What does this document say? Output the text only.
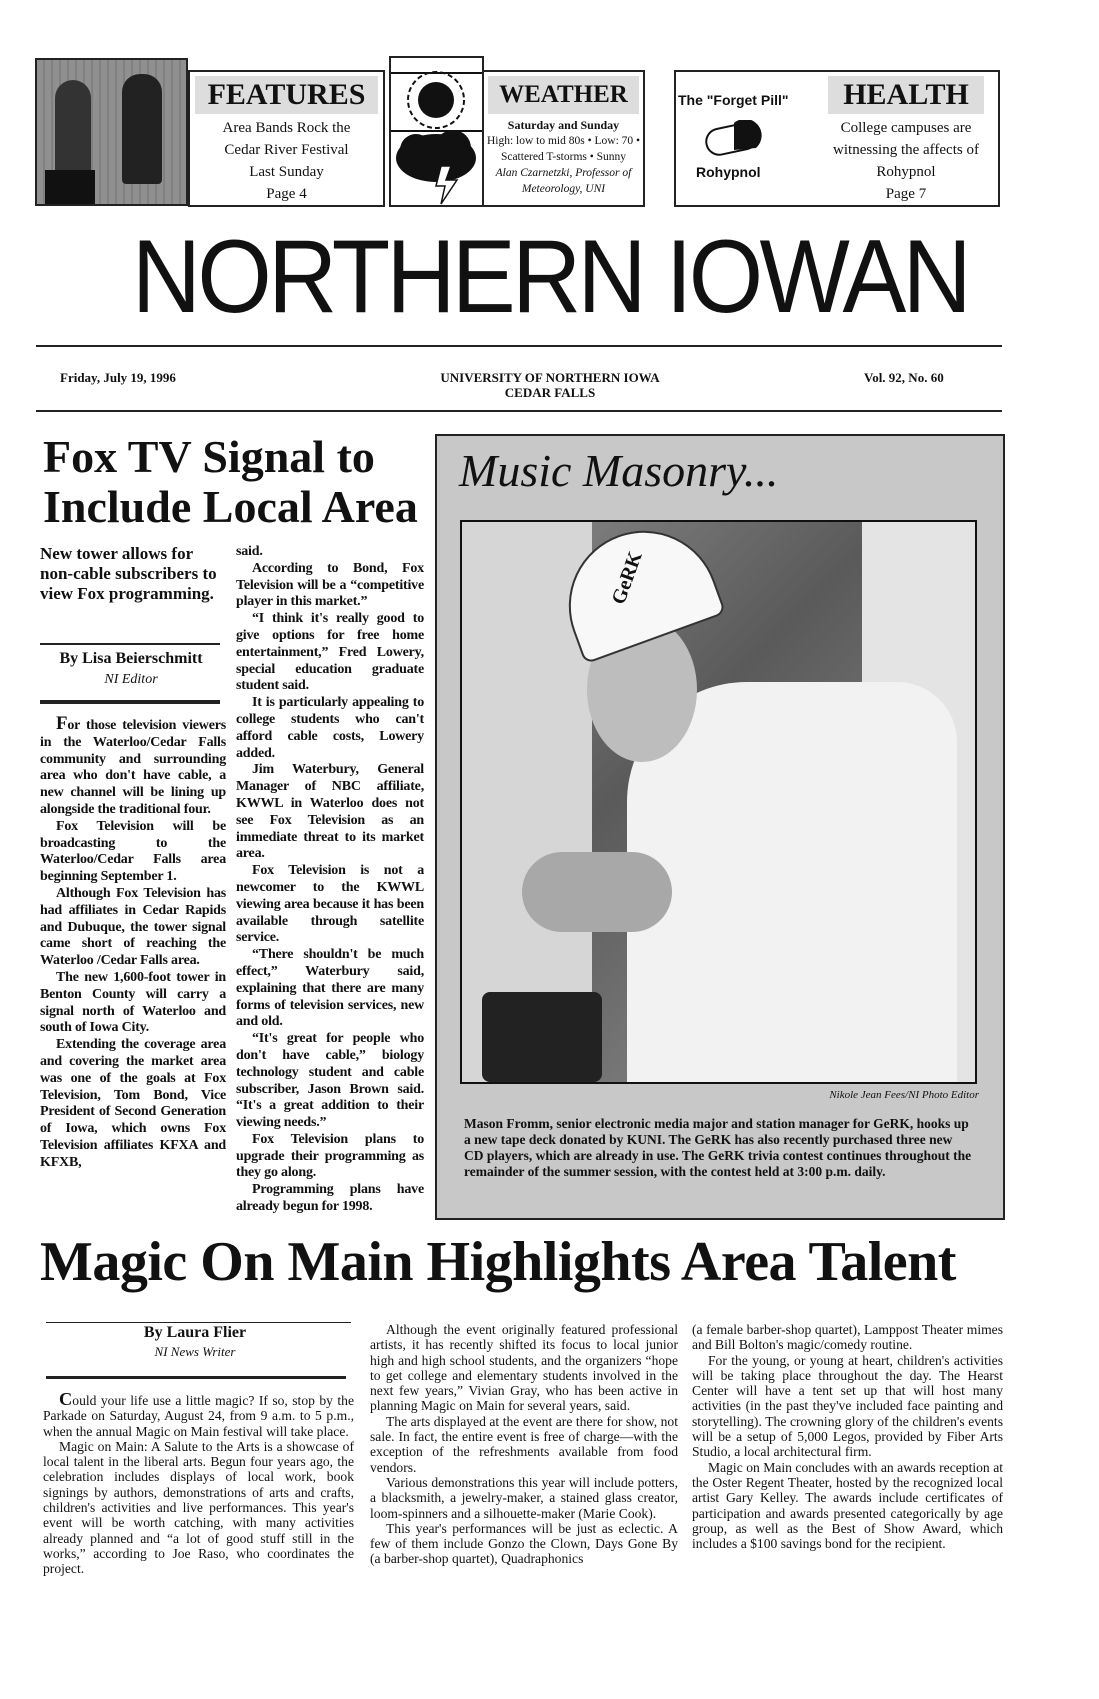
FEATURES
Area Bands Rock the
Cedar River Festival
Last Sunday
Page 4
WEATHER
Saturday and Sunday
High: low to mid 80s • Low: 70 •
Scattered T-storms • Sunny
Alan Czarnetzki, Professor of
Meteorology, UNI
The "Forget Pill"
Rohypnol
HEALTH
College campuses are
witnessing the affects of
Rohypnol
Page 7
NORTHERN IOWAN
Friday, July 19, 1996	UNIVERSITY OF NORTHERN IOWA
CEDAR FALLS
Vol. 92, No. 60
Fox TV Signal to Include Local Area
New tower allows for non-cable subscribers to view Fox programming.
By Lisa Beierschmitt
NI Editor

For those television viewers in the Waterloo/Cedar Falls community and surrounding area who don't have cable, a new channel will be lining up alongside the traditional four.

Fox Television will be broadcasting to the Waterloo/Cedar Falls area beginning September 1.

Although Fox Television has had affiliates in Cedar Rapids and Dubuque, the tower signal came short of reaching the Waterloo /Cedar Falls area.

The new 1,600-foot tower in Benton County will carry a signal north of Waterloo and south of Iowa City.

Extending the coverage area and covering the market area was one of the goals at Fox Television, Tom Bond, Vice President of Second Generation of Iowa, which owns Fox Television affiliates KFXA and KFXB,

said.

According to Bond, Fox Television will be a “competitive player in this market.”

“I think it's really good to give options for free home entertainment,” Fred Lowery, special education graduate student said.

It is particularly appealing to college students who can't afford cable costs, Lowery added.

Jim Waterbury, General Manager of NBC affiliate, KWWL in Waterloo does not see Fox Television as an immediate threat to its market area.

Fox Television is not a newcomer to the KWWL viewing area because it has been available through satellite service.

“There shouldn't be much effect,” Waterbury said, explaining that there are many forms of television services, new and old.

“It's great for people who don't have cable,” biology technology student and cable subscriber, Jason Brown said. “It's a great addition to their viewing needs.”

Fox Television plans to upgrade their programming as they go along.

Programming plans have already begun for 1998.

Music Masonry...
GeRK
Nikole Jean Fees/NI Photo Editor
Mason Fromm, senior electronic media major and station manager for GeRK, hooks up a new tape deck donated by KUNI. The GeRK has also recently purchased three new CD players, which are already in use. The GeRK trivia contest continues throughout the remainder of the summer session, with the contest held at 3:00 p.m. daily.
Magic On Main Highlights Area Talent
By Laura Flier
NI News Writer

Could your life use a little magic? If so, stop by the Parkade on Saturday, August 24, from 9 a.m. to 5 p.m., when the annual Magic on Main festival will take place.

Magic on Main: A Salute to the Arts is a showcase of local talent in the liberal arts. Begun four years ago, the celebration includes displays of local work, book signings by authors, demonstrations of arts and crafts, children's activities and live performances. This year's event will be worth catching, with many activities already planned and “a lot of good stuff still in the works,” according to Joe Raso, who coordinates the project.

Although the event originally featured professional artists, it has recently shifted its focus to local junior high and high school students, and the organizers “hope to get college and elementary students involved in the next few years,” Vivian Gray, who has been active in planning Magic on Main for several years, said.

The arts displayed at the event are there for show, not sale. In fact, the entire event is free of charge—with the exception of the refreshments available from food vendors.

Various demonstrations this year will include potters, a blacksmith, a jewelry-maker, a stained glass creator, loom-spinners and a silhouette-maker (Marie Cook).

This year's performances will be just as eclectic. A few of them include Gonzo the Clown, Days Gone By (a barber-shop quartet), Quadraphonics

(a female barber-shop quartet), Lamppost Theater mimes and Bill Bolton's magic/comedy routine.

For the young, or young at heart, children's activities will be taking place throughout the day. The Hearst Center will have a tent set up that will host many activities (in the past they've included face painting and storytelling). The crowning glory of the children's events will be a setup of 5,000 Legos, provided by Fiber Arts Studio, a local architectural firm.

Magic on Main concludes with an awards reception at the Oster Regent Theater, hosted by the recognized local artist Gary Kelley. The awards include certificates of participation and awards presented categorically by age group, as well as the Best of Show Award, which includes a $100 savings bond for the recipient.
